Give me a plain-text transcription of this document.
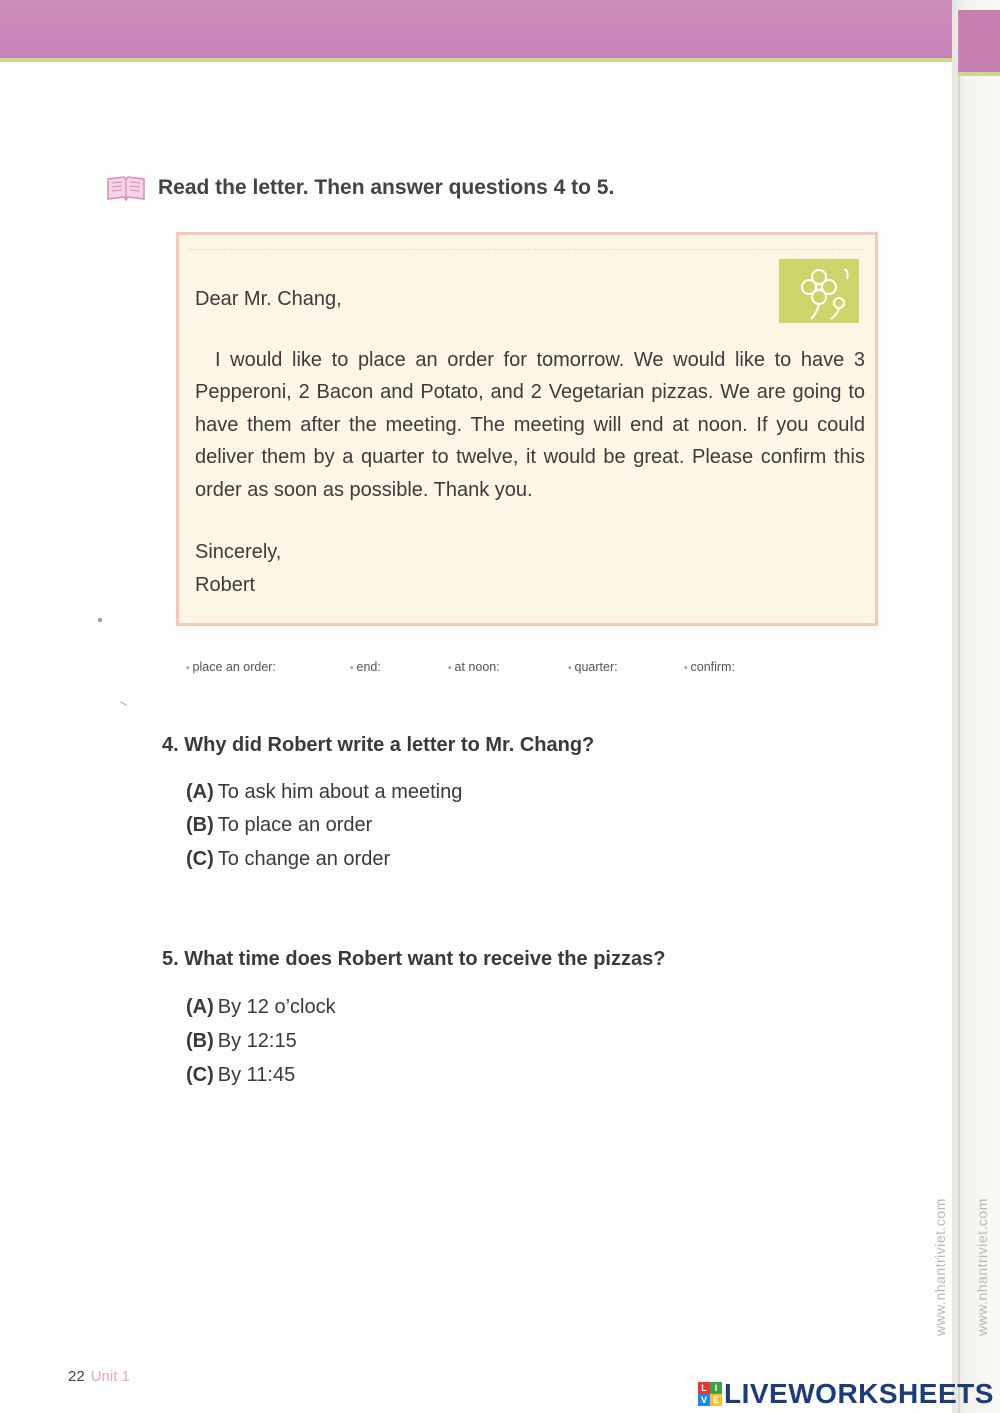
Read the letter. Then answer questions 4 to 5.

Dear Mr. Chang,

I would like to place an order for tomorrow. We would like to have 3 Pepperoni, 2 Bacon and Potato, and 2 Vegetarian pizzas. We are going to have them after the meeting. The meeting will end at noon. If you could deliver them by a quarter to twelve, it would be great. Please confirm this order as soon as possible. Thank you.

Sincerely,

Robert

• place an order:	• end:	• at noon:	• quarter:	• confirm:
4. Why did Robert write a letter to Mr. Chang?
(A) To ask him about a meeting
(B) To place an order
(C) To change an order
5. What time does Robert want to receive the pizzas?
(A) By 12 o’clock
(B) By 12:15
(C) By 11:45
www.nhantriviet.com www.nhantriviet.com
22 Unit 1
L I
V E LIVEWORKSHEETS
